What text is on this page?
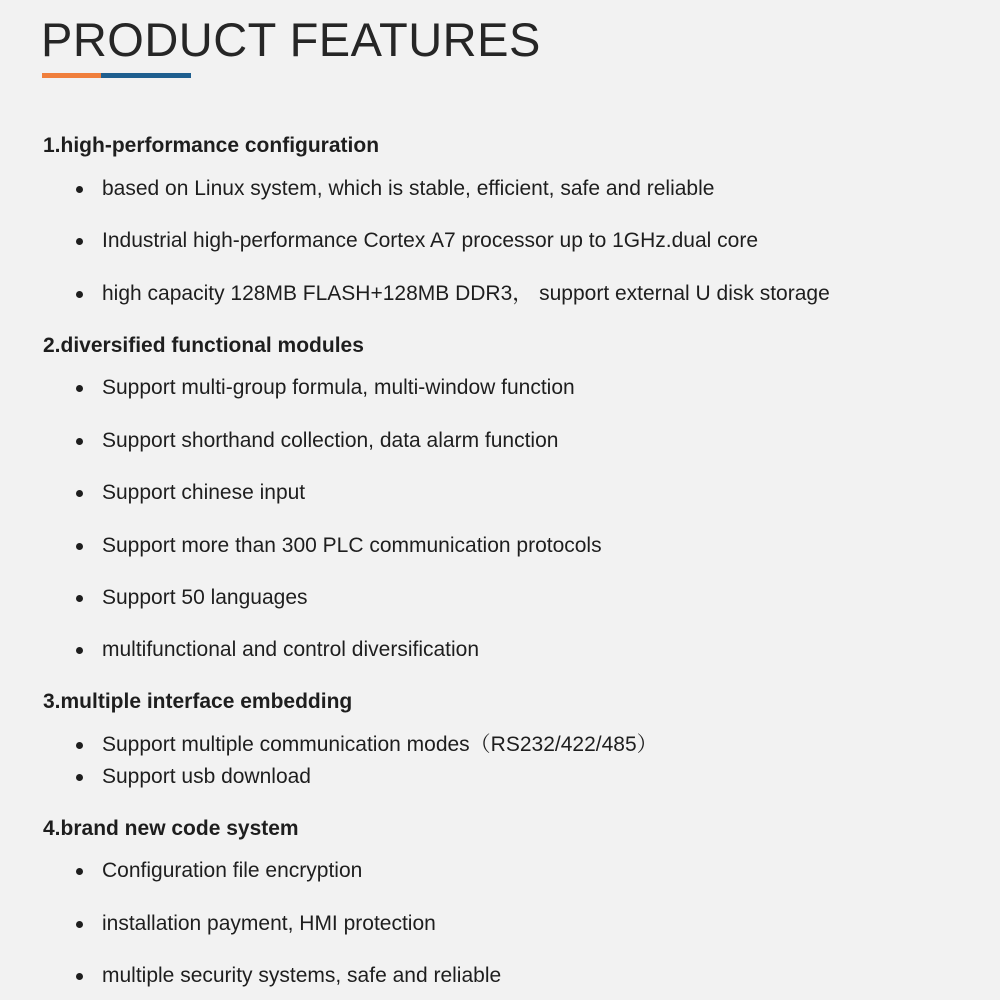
PRODUCT FEATURES
1.high-performance configuration
based on Linux system, which is stable, efficient, safe and reliable
Industrial high-performance Cortex A7 processor up to 1GHz.dual core
high capacity 128MB FLASH+128MB DDR3， support external U disk storage
2.diversified functional modules
Support multi-group formula, multi-window function
Support shorthand collection, data alarm function
Support chinese input
Support more than 300 PLC communication protocols
Support 50 languages
multifunctional and control diversification
3.multiple interface embedding
Support multiple communication modes（RS232/422/485）
Support usb download
4.brand new code system
Configuration file encryption
installation payment, HMI protection
multiple security systems, safe and reliable
